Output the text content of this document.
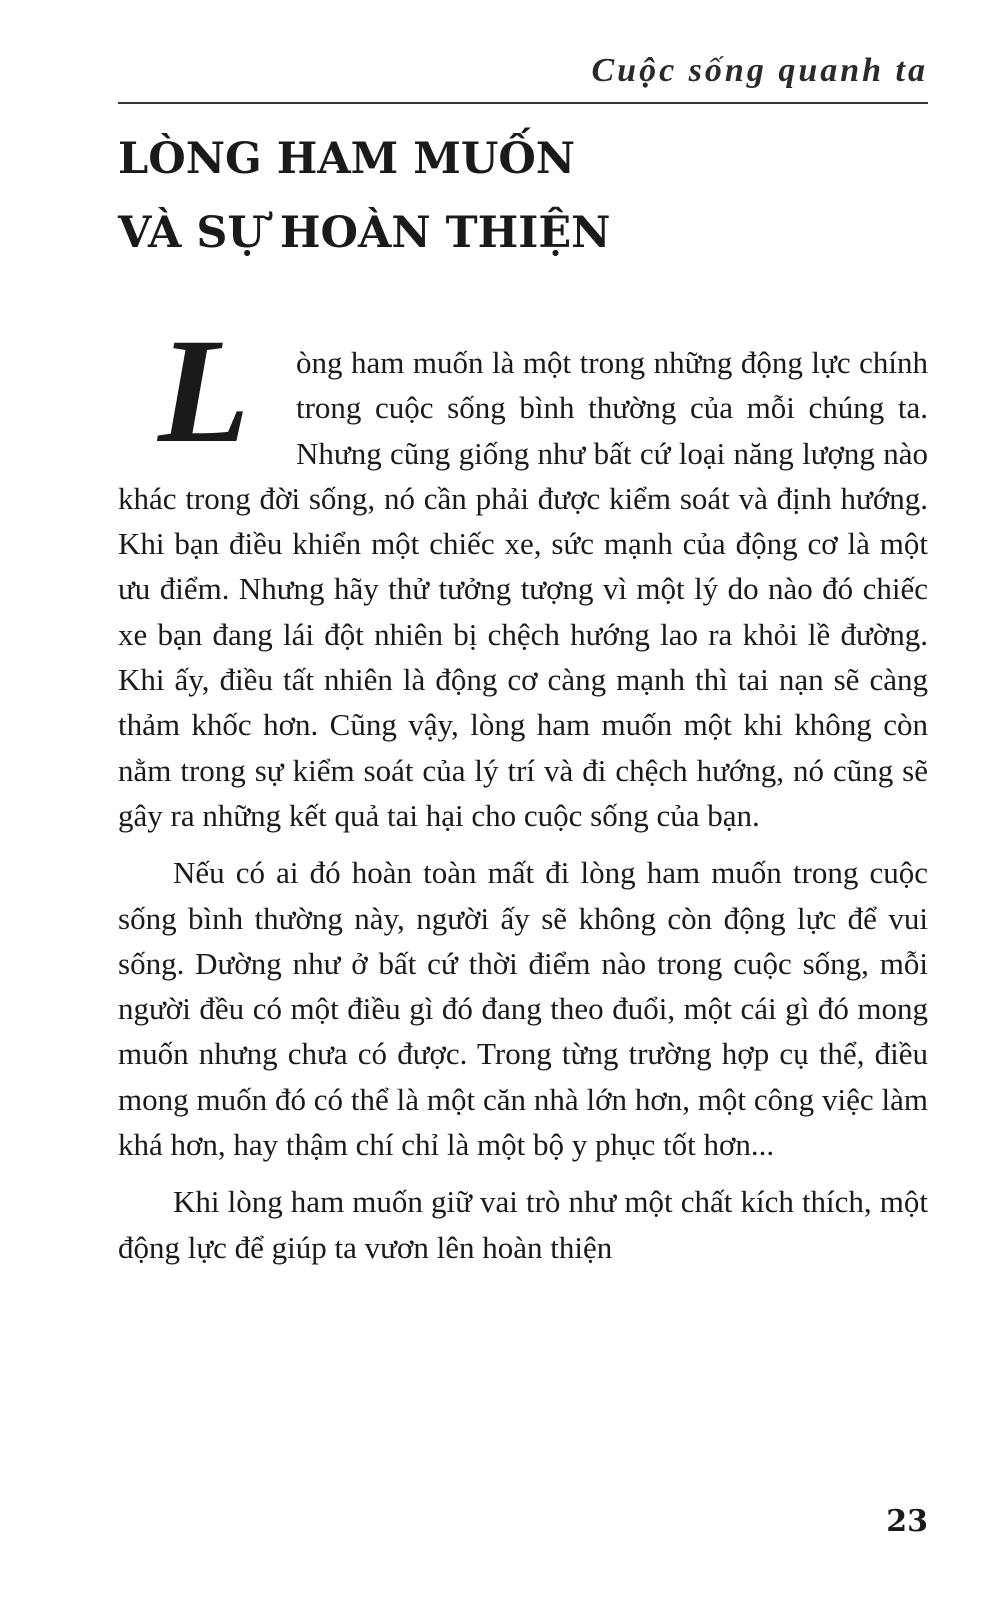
Cuộc sống quanh ta
LÒNG HAM MUỐN
VÀ SỰ HOÀN THIỆN

L	òng ham muốn là một trong những động lực chính trong cuộc sống bình thường của mỗi chúng ta. Nhưng cũng giống như bất cứ loại năng lượng nào khác trong đời sống, nó cần phải được kiểm soát và định hướng. Khi bạn điều khiển một chiếc xe, sức mạnh của động cơ là một ưu điểm. Nhưng hãy thử tưởng tượng vì một lý do nào đó chiếc xe bạn đang lái đột nhiên bị chệch hướng lao ra khỏi lề đường. Khi ấy, điều tất nhiên là động cơ càng mạnh thì tai nạn sẽ càng thảm khốc hơn. Cũng vậy, lòng ham muốn một khi không còn nằm trong sự kiểm soát của lý trí và đi chệch hướng, nó cũng sẽ gây ra những kết quả tai hại cho cuộc sống của bạn.

Nếu có ai đó hoàn toàn mất đi lòng ham muốn trong cuộc sống bình thường này, người ấy sẽ không còn động lực để vui sống. Dường như ở bất cứ thời điểm nào trong cuộc sống, mỗi người đều có một điều gì đó đang theo đuổi, một cái gì đó mong muốn nhưng chưa có được. Trong từng trường hợp cụ thể, điều mong muốn đó có thể là một căn nhà lớn hơn, một công việc làm khá hơn, hay thậm chí chỉ là một bộ y phục tốt hơn...

Khi lòng ham muốn giữ vai trò như một chất kích thích, một động lực để giúp ta vươn lên hoàn thiện

23
